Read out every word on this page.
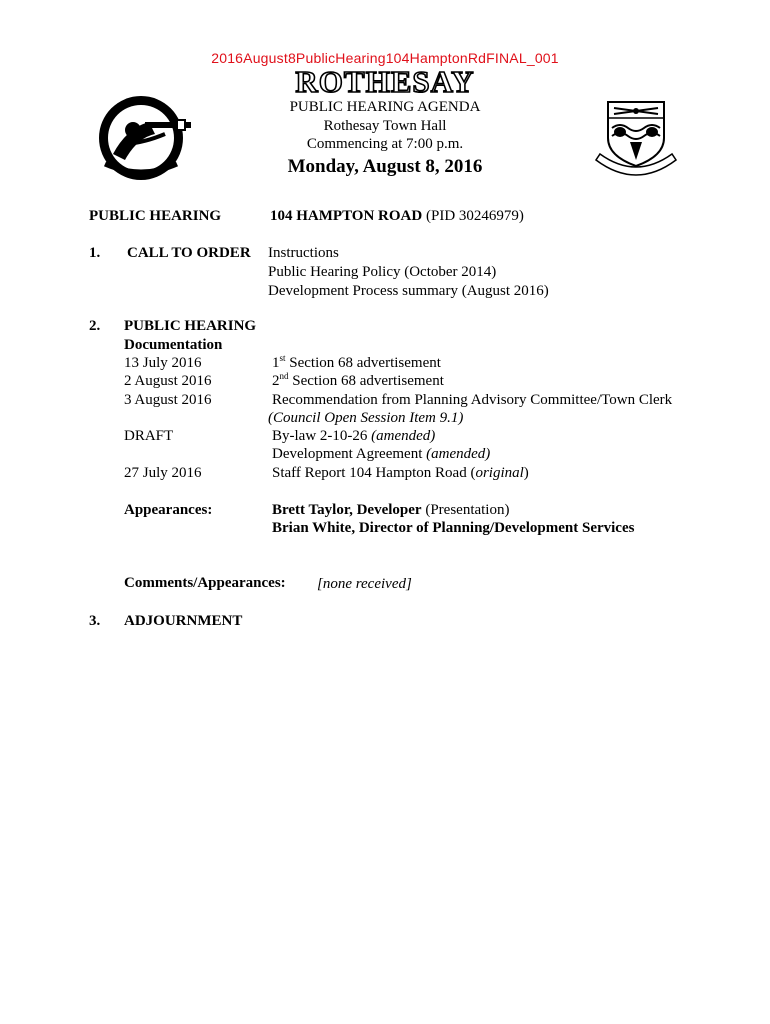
2016August8PublicHearing104HamptonRdFINAL_001
ROTHESAY
PUBLIC HEARING AGENDA
Rothesay Town Hall
Commencing at 7:00 p.m.
Monday, August 8, 2016
PUBLIC HEARING	104 HAMPTON ROAD (PID 30246979)
1. CALL TO ORDER Instructions
Public Hearing Policy (October 2014)
Development Process summary (August 2016)
2. PUBLIC HEARING
Documentation
13 July 2016	1st Section 68 advertisement
2 August 2016	2nd Section 68 advertisement
3 August 2016	Recommendation from Planning Advisory Committee/Town Clerk
(Council Open Session Item 9.1)
DRAFT	By-law 2-10-26 (amended)
Development Agreement (amended)
27 July 2016	Staff Report 104 Hampton Road (original)
Appearances:	Brett Taylor, Developer (Presentation)
Brian White, Director of Planning/Development Services
Comments/Appearances: [none received]
3. ADJOURNMENT
